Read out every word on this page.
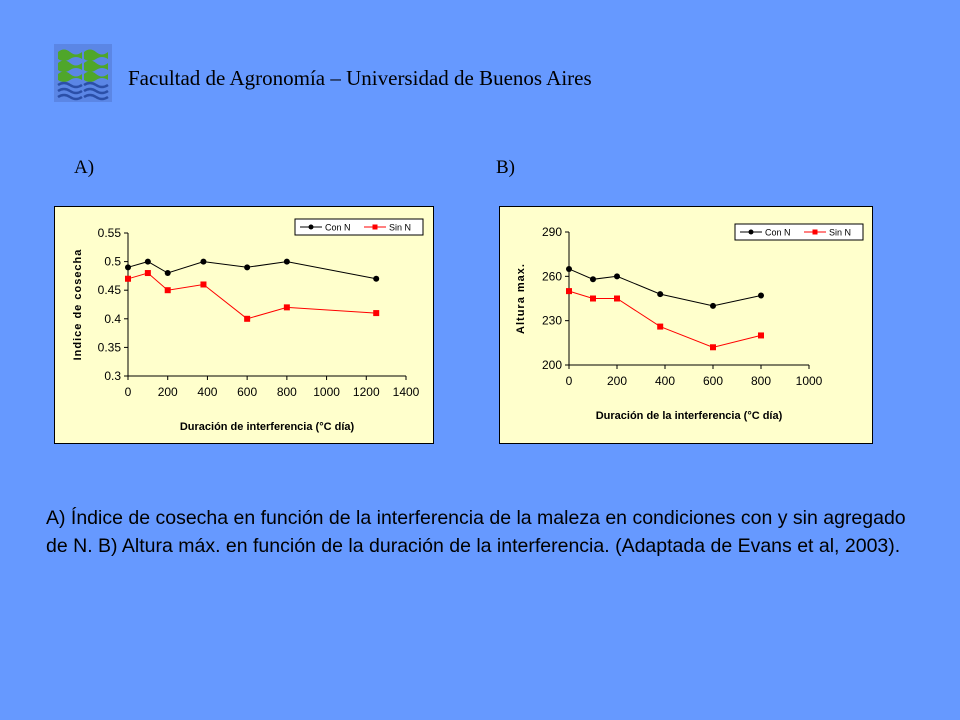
Facultad de Agronomía – Universidad de Buenos Aires
A)	B)
0.3
0.35
0.4
0.45
0.5
0.55
0 200 400 600 800 1000 1200 1400
Duración de interferencia (°C día)
Indice de cosecha
Con N	Sin N
200
230
260
290
0	200 400 600 800 1000
Duración de la interferencia (°C día)
Altura max.
Con N	Sin N
A) Índice de cosecha en función de la interferencia de la maleza en condiciones con y sin agregado de N. B) Altura máx. en función de la duración de la interferencia. (Adaptada de Evans et al, 2003).
